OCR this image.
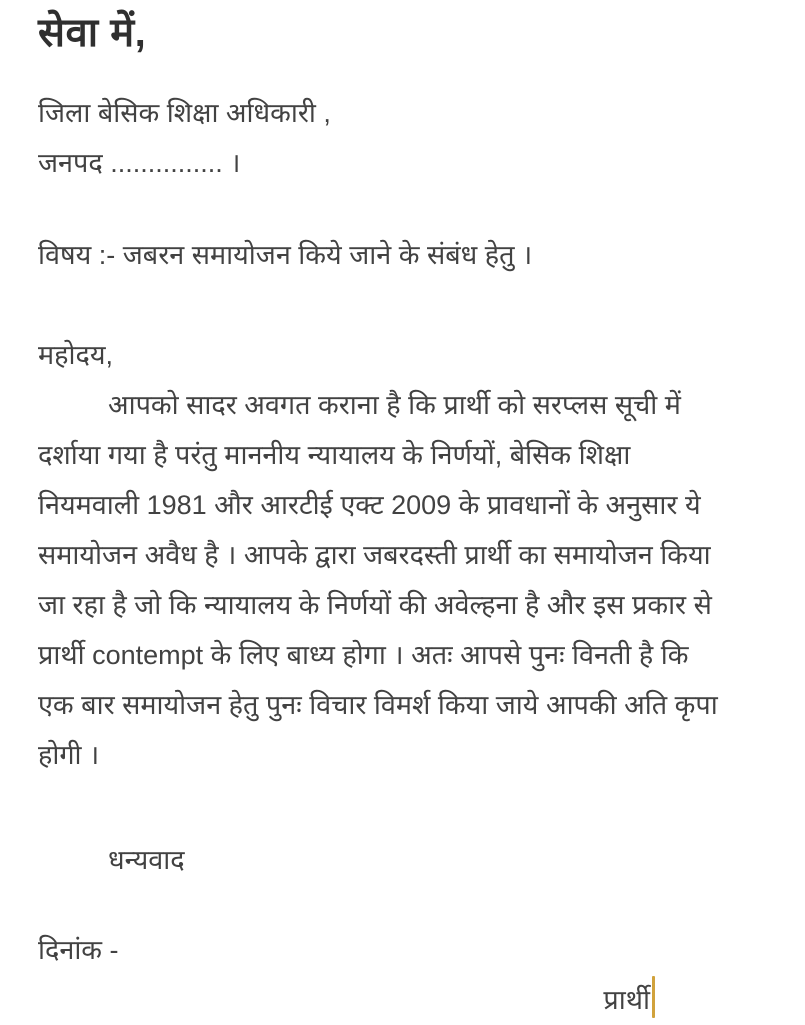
सेवा में,
जिला बेसिक शिक्षा अधिकारी ,
जनपद ............... ।
विषय :- जबरन समायोजन किये जाने के संबंध हेतु ।
महोदय,
आपको सादर अवगत कराना है कि प्रार्थी को सरप्लस सूची में
दर्शाया गया है परंतु माननीय न्यायालय के निर्णयों, बेसिक शिक्षा
नियमवाली 1981 और आरटीई एक्ट 2009 के प्रावधानों के अनुसार ये
समायोजन अवैध है । आपके द्वारा जबरदस्ती प्रार्थी का समायोजन किया
जा रहा है जो कि न्यायालय के निर्णयों की अवेल्हना है और इस प्रकार से
प्रार्थी contempt के लिए बाध्य होगा । अतः आपसे पुनः विनती है कि
एक बार समायोजन हेतु पुनः विचार विमर्श किया जाये आपकी अति कृपा
होगी ।
धन्यवाद
दिनांक -
प्रार्थी
